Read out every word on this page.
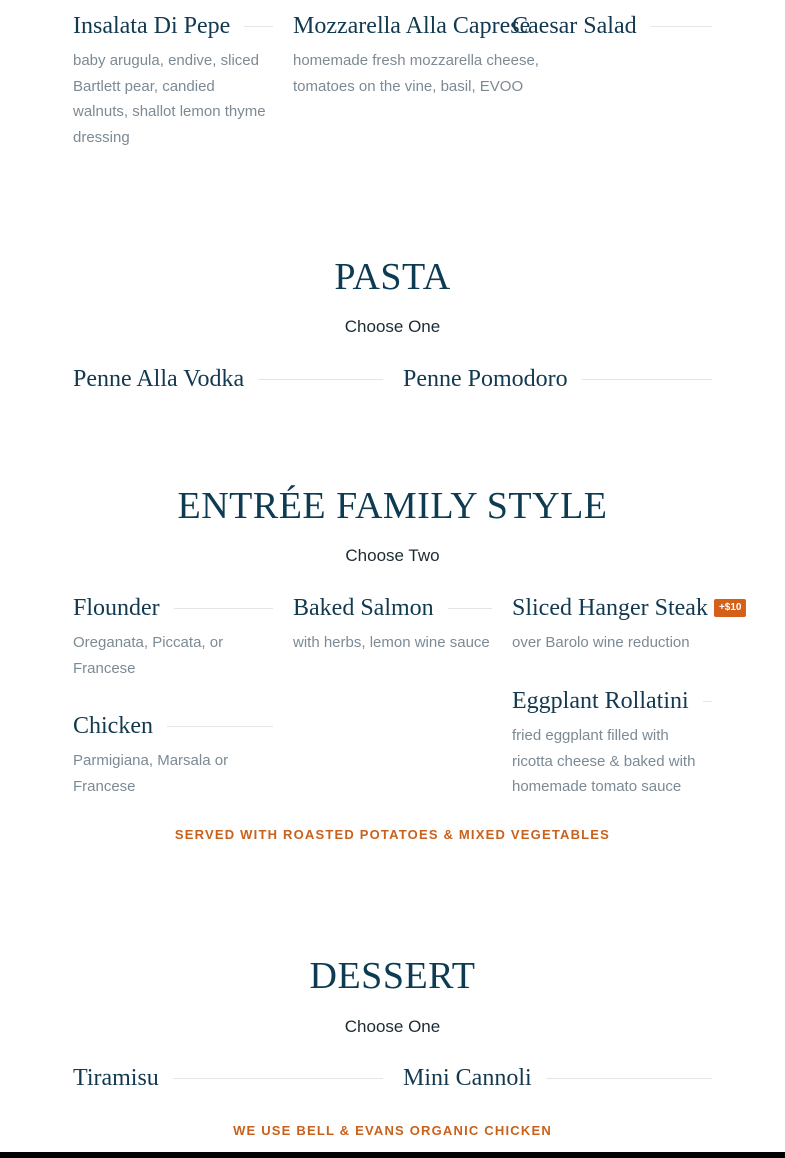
Insalata Di Pepe
baby arugula, endive, sliced Bartlett pear, candied walnuts, shallot lemon thyme dressing
Mozzarella Alla Caprese
homemade fresh mozzarella cheese, tomatoes on the vine, basil, EVOO
Caesar Salad
PASTA
Choose One
Penne Alla Vodka	Penne Pomodoro
ENTRÉE FAMILY STYLE
Choose Two
Flounder
Oreganata, Piccata, or Francese
Chicken
Parmigiana, Marsala or Francese
Baked Salmon
with herbs, lemon wine sauce
Sliced Hanger Steak	+$10
over Barolo wine reduction
Eggplant Rollatini
fried eggplant filled with ricotta cheese & baked with homemade tomato sauce
SERVED WITH ROASTED POTATOES & MIXED VEGETABLES
DESSERT
Choose One
Tiramisu	Mini Cannoli
WE USE BELL & EVANS ORGANIC CHICKEN
